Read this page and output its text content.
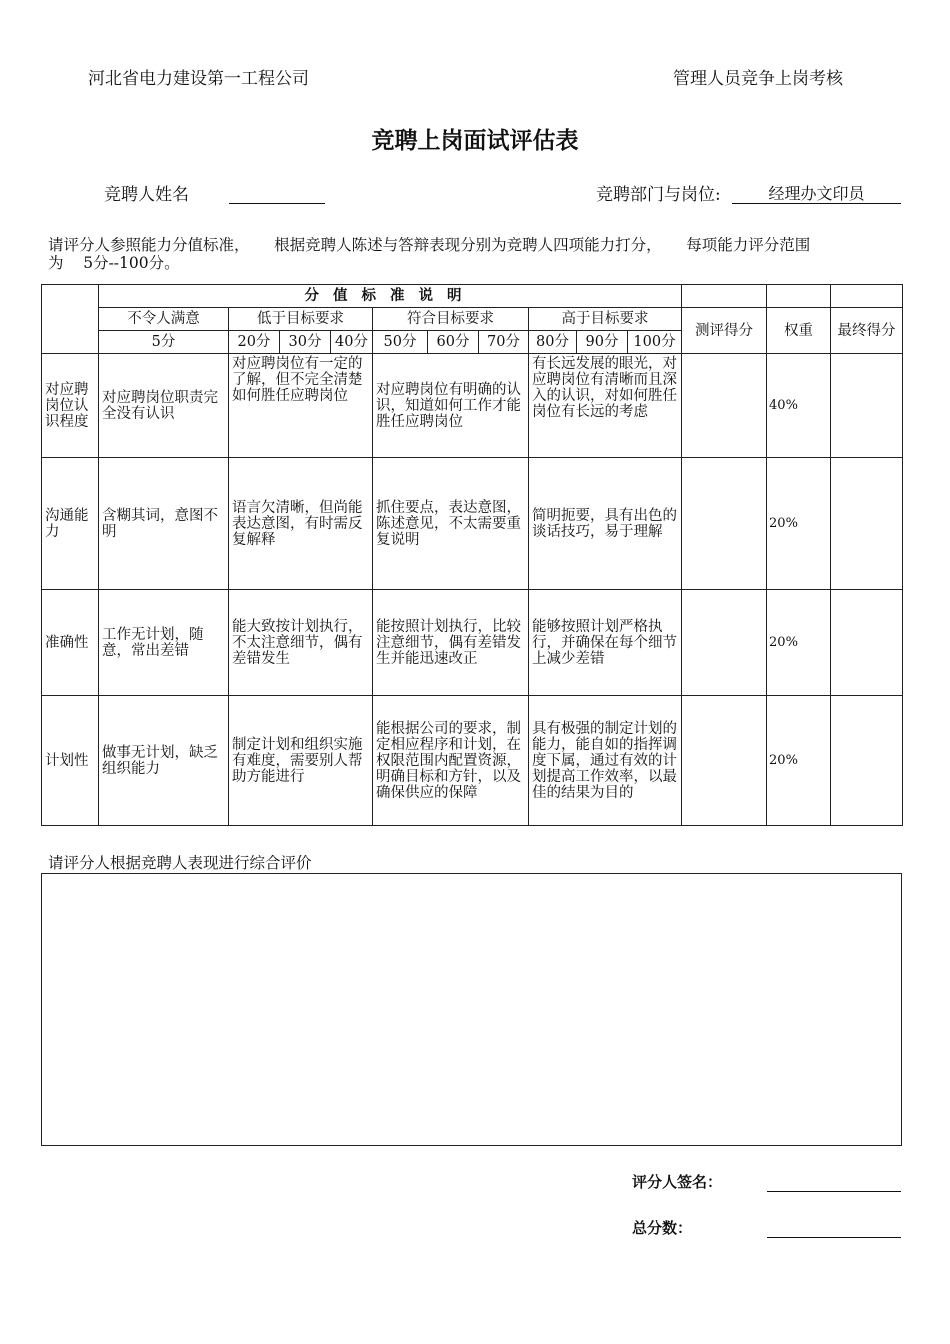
河北省电力建设第一工程公司	管理人员竞争上岗考核
竞聘上岗面试评估表
竞聘人姓名	竞聘部门与岗位:	经理办文印员
请评分人参照能力分值标准，     根据竞聘人陈述与答辩表现分别为竞聘人四项能力打分，     每项能力评分范围
为    5分--100分。
	分值标准说明												
	不令人满意	低于目标要求			符合目标要求			高于目标要求			测评得分	权重	最终得分
	5分	20分	30分	40分	50分	60分	70分	80分	90分	100分			
对应聘岗位认识程度	对应聘岗位职责完全没有认识	对应聘岗位有一定的了解，但不完全清楚如何胜任应聘岗位			对应聘岗位有明确的认识，知道如何工作才能胜任应聘岗位			有长远发展的眼光，对应聘岗位有清晰而且深入的认识，对如何胜任岗位有长远的考虑				40%	
沟通能力	含糊其词，意图不明	语言欠清晰，但尚能表达意图，有时需反复解释			抓住要点，表达意图，陈述意见，不太需要重复说明			简明扼要，具有出色的谈话技巧，易于理解				20%	
准确性	工作无计划，随意，常出差错	能大致按计划执行，不太注意细节，偶有差错发生			能按照计划执行，比较注意细节，偶有差错发生并能迅速改正			能够按照计划严格执行，并确保在每个细节上减少差错				20%	
计划性	做事无计划，缺乏组织能力	制定计划和组织实施有难度，需要别人帮助方能进行			能根据公司的要求，制定相应程序和计划，在权限范围内配置资源，明确目标和方针，以及确保供应的保障			具有极强的制定计划的能力，能自如的指挥调度下属，通过有效的计划提高工作效率，以最佳的结果为目的				20%	
请评分人根据竞聘人表现进行综合评价
评分人签名：
总分数：
